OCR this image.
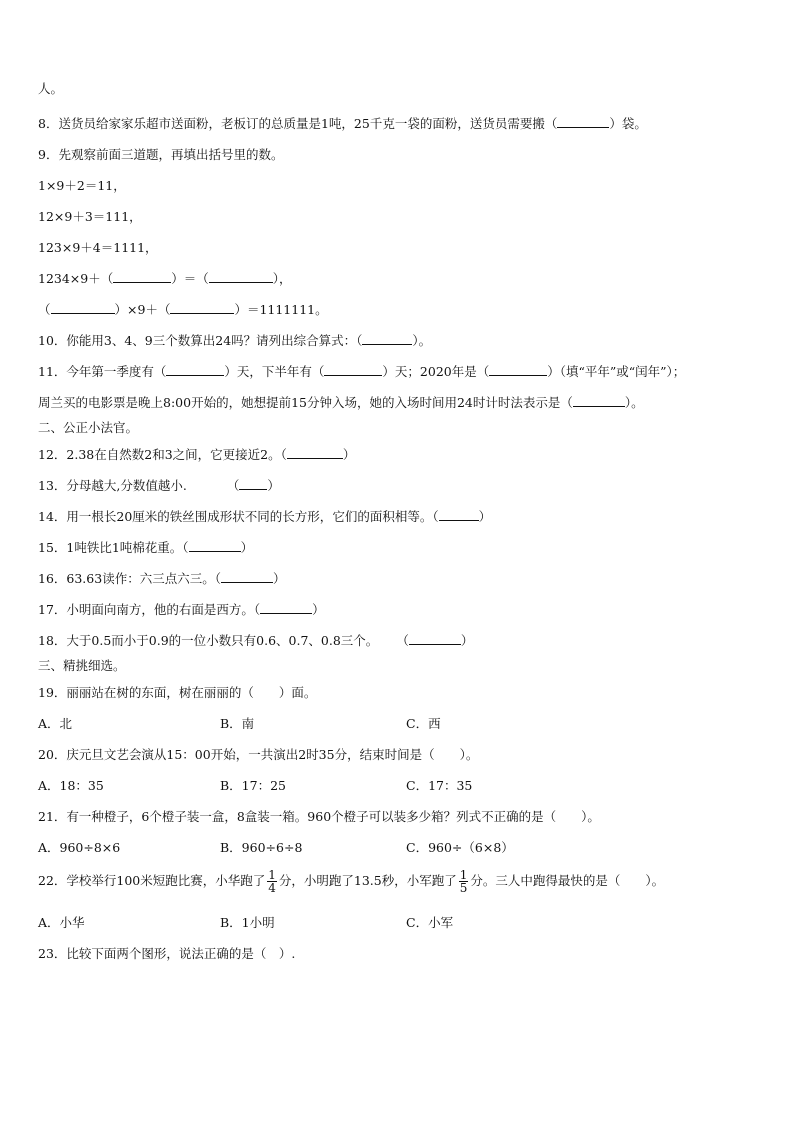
人。
8．送货员给家家乐超市送面粉，老板订的总质量是1吨，25千克一袋的面粉，送货员需要搬（	）袋。
9．先观察前面三道题，再填出括号里的数。
1×9＋2＝11，
12×9＋3＝111，
123×9＋4＝1111，
1234×9＋（	）＝（	），
（	）×9＋（	）＝1111111。
10．你能用3、4、9三个数算出24吗？请列出综合算式：（	）。
11．今年第一季度有（	）天，下半年有（	）天；2020年是（	）（填“平年”或“闰年”）；
周兰买的电影票是晚上8:00开始的，她想提前15分钟入场，她的入场时间用24时计时法表示是（	）。
二、公正小法官。
12．2.38在自然数2和3之间，它更接近2。（	）
13．分母越大,分数值越小.	（ ）
14．用一根长20厘米的铁丝围成形状不同的长方形，它们的面积相等。（	）
15．1吨铁比1吨棉花重。（	）
16．63.63读作：六三点六三。（	）
17．小明面向南方，他的右面是西方。（	）
18．大于0.5而小于0.9的一位小数只有0.6、0.7、0.8三个。 （	）
三、精挑细选。
19．丽丽站在树的东面，树在丽丽的（　　）面。
A．北	B．南	C．西
20．庆元旦文艺会演从15：00开始，一共演出2时35分，结束时间是（　　）。
A．18：35	B．17：25	C．17：35
21．有一种橙子，6个橙子装一盒，8盒装一箱。960个橙子可以装多少箱？列式不正确的是（　　）。
A．960÷8×6	B．960÷6÷8	C．960÷（6×8）
22．学校举行100米短跑比赛，小华跑了 $\frac{1}{4}$ 分，小明跑了13.5秒，小军跑了 $\frac{1}{5}$ 分。三人中跑得最快的是（　　）。
A．小华	B．1小明	C．小军
23．比较下面两个图形，说法正确的是（　）.
